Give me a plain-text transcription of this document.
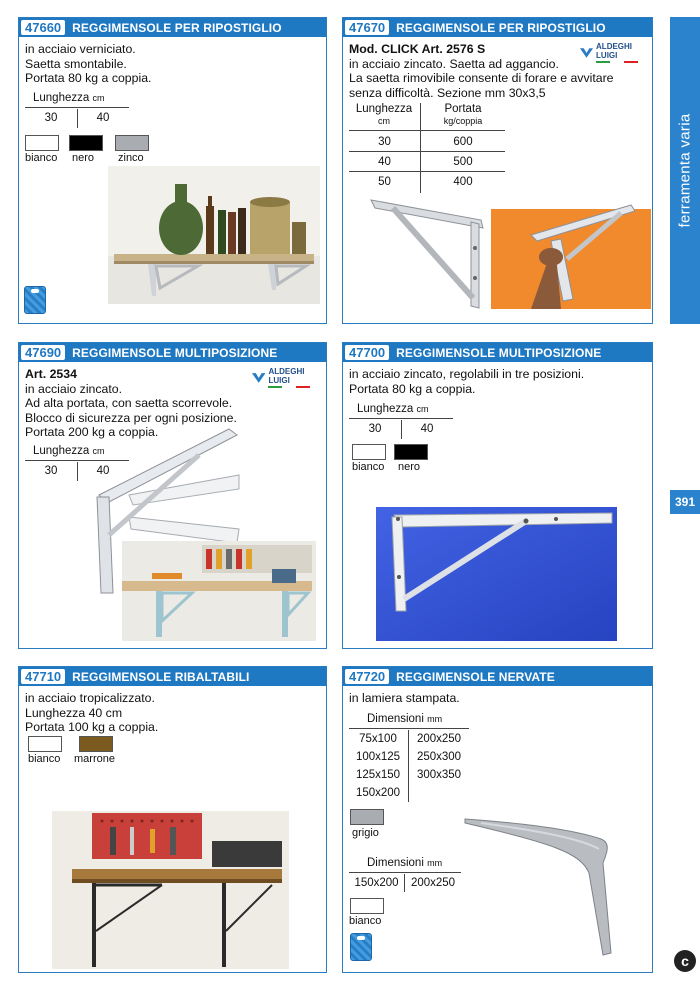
47660 REGGIMENSOLE PER RIPOSTIGLIO
in acciaio verniciato.
Saetta smontabile.
Portata 80 kg a coppia.
Lunghezza cm
30	40
bianco nero zinco
47670 REGGIMENSOLE PER RIPOSTIGLIO
Mod. CLICK Art. 2576 S
in acciaio zincato. Saetta ad aggancio.
La saetta rimovibile consente di forare e avvitare
senza difficoltà. Sezione mm 30x3,5
ALDEGHI LUIGI
Lunghezza
cm
Portata
kg/coppia
30	600
40	500
50	400
47690 REGGIMENSOLE MULTIPOSIZIONE
Art. 2534
in acciaio zincato.
Ad alta portata, con saetta scorrevole.
Blocco di sicurezza per ogni posizione.
Portata 200 kg a coppia.
ALDEGHI LUIGI
Lunghezza cm
30	40
47700 REGGIMENSOLE MULTIPOSIZIONE
in acciaio zincato, regolabili in tre posizioni.
Portata 80 kg a coppia.
Lunghezza cm
30	40
bianco nero
47710 REGGIMENSOLE RIBALTABILI
in acciaio tropicalizzato.
Lunghezza 40 cm
Portata 100 kg a coppia.
bianco marrone
47720 REGGIMENSOLE NERVATE
in lamiera stampata.
Dimensioni mm
75x100	200x250
100x125	250x300
125x150	300x350
150x200
grigio
Dimensioni mm
150x200	200x250
bianco
ferramenta varia
391
c
